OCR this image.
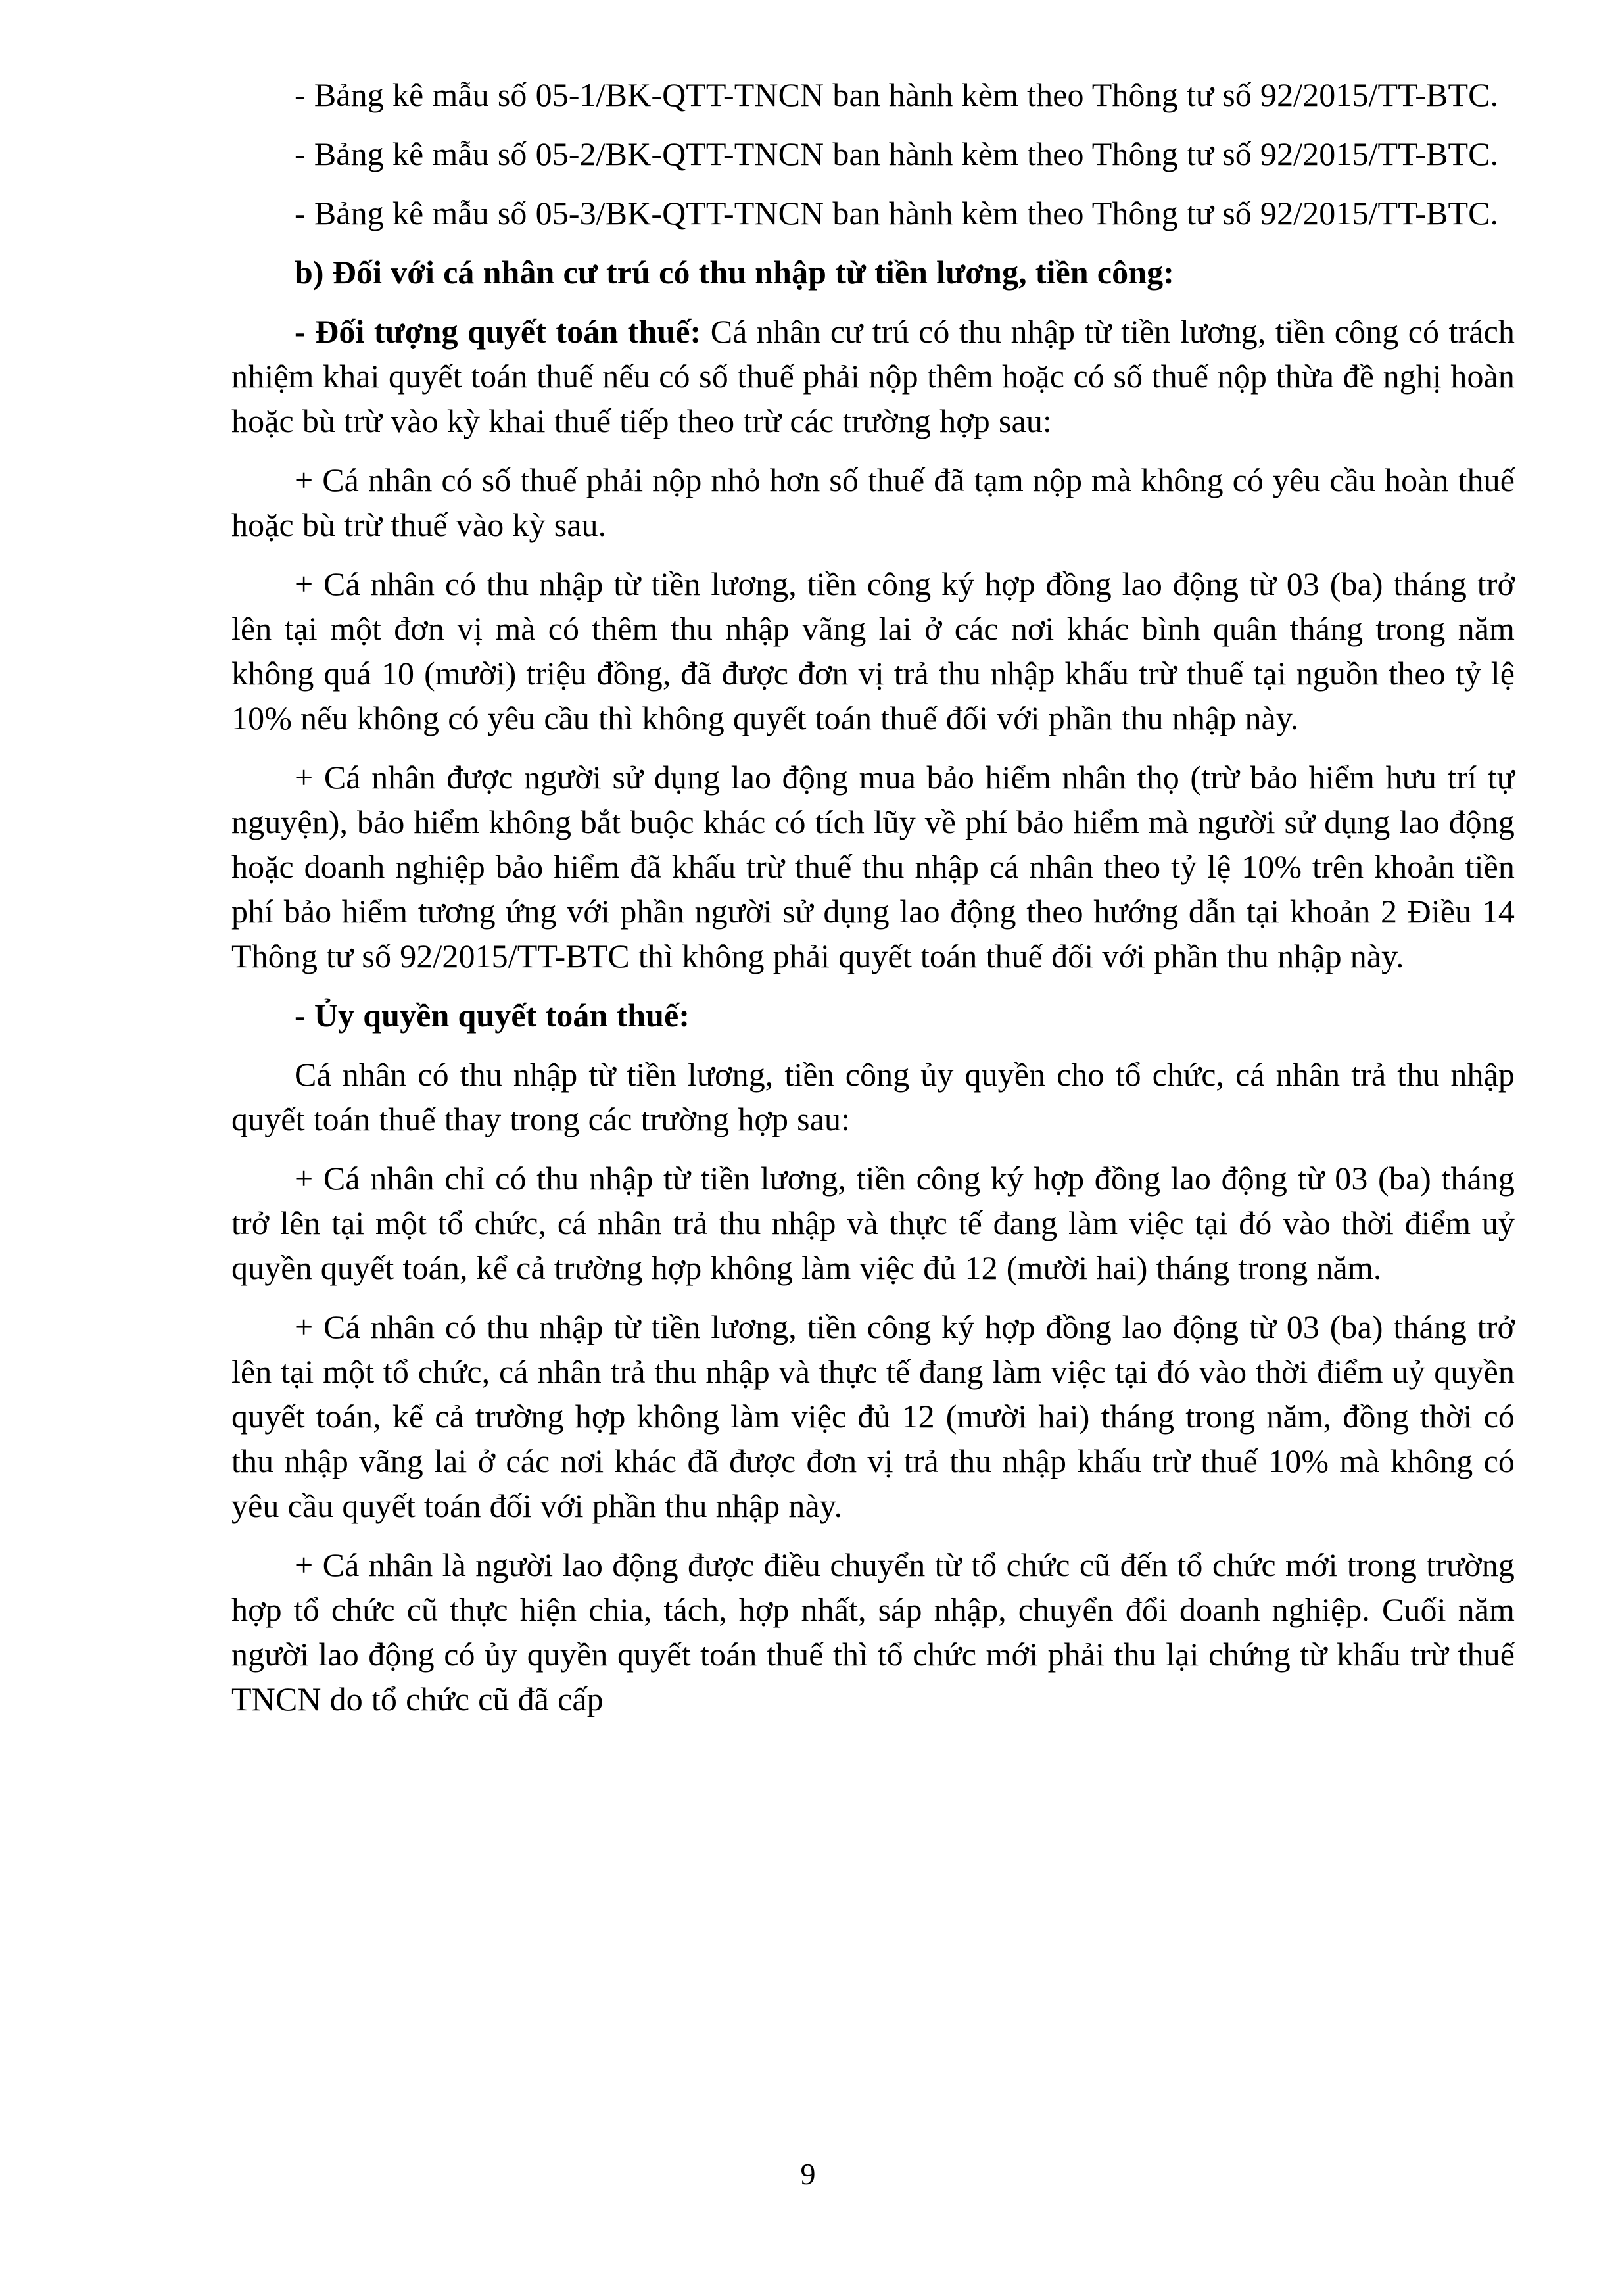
- Bảng kê mẫu số 05-1/BK-QTT-TNCN ban hành kèm theo Thông tư số 92/2015/TT-BTC.

- Bảng kê mẫu số 05-2/BK-QTT-TNCN ban hành kèm theo Thông tư số 92/2015/TT-BTC.

- Bảng kê mẫu số 05-3/BK-QTT-TNCN ban hành kèm theo Thông tư số 92/2015/TT-BTC.

b) Đối với cá nhân cư trú có thu nhập từ tiền lương, tiền công:

- Đối tượng quyết toán thuế: Cá nhân cư trú có thu nhập từ tiền lương, tiền công có trách nhiệm khai quyết toán thuế nếu có số thuế phải nộp thêm hoặc có số thuế nộp thừa đề nghị hoàn hoặc bù trừ vào kỳ khai thuế tiếp theo trừ các trường hợp sau:

+ Cá nhân có số thuế phải nộp nhỏ hơn số thuế đã tạm nộp mà không có yêu cầu hoàn thuế hoặc bù trừ thuế vào kỳ sau.

+ Cá nhân có thu nhập từ tiền lương, tiền công ký hợp đồng lao động từ 03 (ba) tháng trở lên tại một đơn vị mà có thêm thu nhập vãng lai ở các nơi khác bình quân tháng trong năm không quá 10 (mười) triệu đồng, đã được đơn vị trả thu nhập khấu trừ thuế tại nguồn theo tỷ lệ 10% nếu không có yêu cầu thì không quyết toán thuế đối với phần thu nhập này.

+ Cá nhân được người sử dụng lao động mua bảo hiểm nhân thọ (trừ bảo hiểm hưu trí tự nguyện), bảo hiểm không bắt buộc khác có tích lũy về phí bảo hiểm mà người sử dụng lao động hoặc doanh nghiệp bảo hiểm đã khấu trừ thuế thu nhập cá nhân theo tỷ lệ 10% trên khoản tiền phí bảo hiểm tương ứng với phần người sử dụng lao động theo hướng dẫn tại khoản 2 Điều 14 Thông tư số 92/2015/TT-BTC thì không phải quyết toán thuế đối với phần thu nhập này.

- Ủy quyền quyết toán thuế:

Cá nhân có thu nhập từ tiền lương, tiền công ủy quyền cho tổ chức, cá nhân trả thu nhập quyết toán thuế thay trong các trường hợp sau:

+ Cá nhân chỉ có thu nhập từ tiền lương, tiền công ký hợp đồng lao động từ 03 (ba) tháng trở lên tại một tổ chức, cá nhân trả thu nhập và thực tế đang làm việc tại đó vào thời điểm uỷ quyền quyết toán, kể cả trường hợp không làm việc đủ 12 (mười hai) tháng trong năm.

+ Cá nhân có thu nhập từ tiền lương, tiền công ký hợp đồng lao động từ 03 (ba) tháng trở lên tại một tổ chức, cá nhân trả thu nhập và thực tế đang làm việc tại đó vào thời điểm uỷ quyền quyết toán, kể cả trường hợp không làm việc đủ 12 (mười hai) tháng trong năm, đồng thời có thu nhập vãng lai ở các nơi khác đã được đơn vị trả thu nhập khấu trừ thuế 10% mà không có yêu cầu quyết toán đối với phần thu nhập này.

+ Cá nhân là người lao động được điều chuyển từ tổ chức cũ đến tổ chức mới trong trường hợp tổ chức cũ thực hiện chia, tách, hợp nhất, sáp nhập, chuyển đổi doanh nghiệp. Cuối năm người lao động có ủy quyền quyết toán thuế thì tổ chức mới phải thu lại chứng từ khấu trừ thuế TNCN do tổ chức cũ đã cấp

9
